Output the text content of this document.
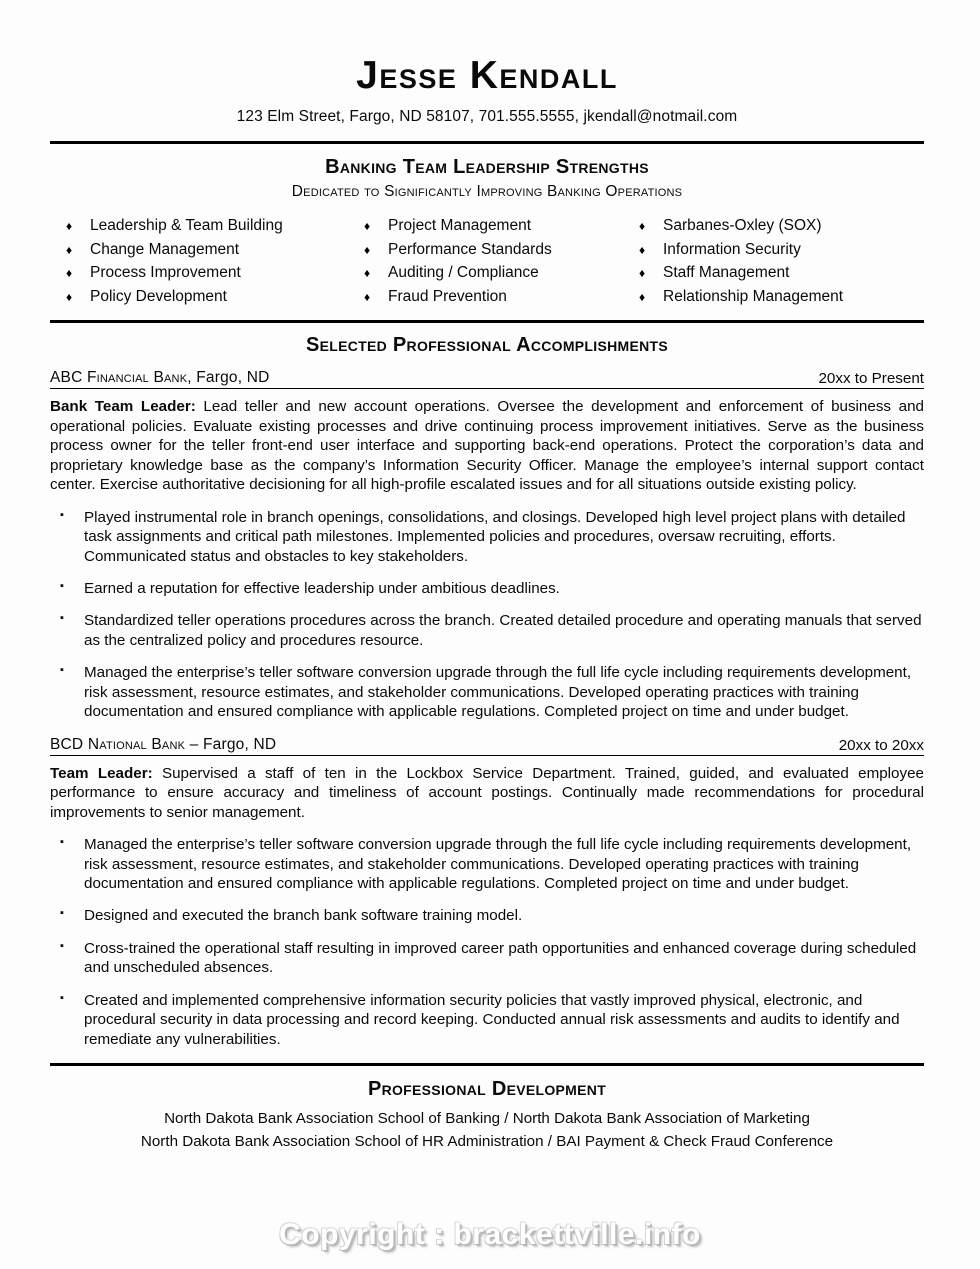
Jesse Kendall
123 Elm Street, Fargo, ND 58107, 701.555.5555, jkendall@notmail.com
Banking Team Leadership Strengths
Dedicated to Significantly Improving Banking Operations
♦	Leadership & Team Building
♦	Change Management
♦	Process Improvement
♦	Policy Development
♦	Project Management
♦	Performance Standards
♦	Auditing / Compliance
♦	Fraud Prevention
♦	Sarbanes-Oxley (SOX)
♦	Information Security
♦	Staff Management
♦	Relationship Management
Selected Professional Accomplishments
ABC Financial Bank, Fargo, ND	20xx to Present
Bank Team Leader: Lead teller and new account operations. Oversee the development and enforcement of business and operational policies. Evaluate existing processes and drive continuing process improvement initiatives. Serve as the business process owner for the teller front-end user interface and supporting back-end operations. Protect the corporation’s data and proprietary knowledge base as the company’s Information Security Officer. Manage the employee’s internal support contact center. Exercise authoritative decisioning for all high-profile escalated issues and for all situations outside existing policy.
▪	Played instrumental role in branch openings, consolidations, and closings. Developed high level project plans with detailed task assignments and critical path milestones. Implemented policies and procedures, oversaw recruiting, efforts. Communicated status and obstacles to key stakeholders.
▪	Earned a reputation for effective leadership under ambitious deadlines.
▪	Standardized teller operations procedures across the branch. Created detailed procedure and operating manuals that served as the centralized policy and procedures resource.
▪	Managed the enterprise’s teller software conversion upgrade through the full life cycle including requirements development, risk assessment, resource estimates, and stakeholder communications. Developed operating practices with training documentation and ensured compliance with applicable regulations. Completed project on time and under budget.
BCD National Bank – Fargo, ND	20xx to 20xx
Team Leader: Supervised a staff of ten in the Lockbox Service Department. Trained, guided, and evaluated employee performance to ensure accuracy and timeliness of account postings. Continually made recommendations for procedural improvements to senior management.
▪	Managed the enterprise’s teller software conversion upgrade through the full life cycle including requirements development, risk assessment, resource estimates, and stakeholder communications. Developed operating practices with training documentation and ensured compliance with applicable regulations. Completed project on time and under budget.
▪	Designed and executed the branch bank software training model.
▪	Cross-trained the operational staff resulting in improved career path opportunities and enhanced coverage during scheduled and unscheduled absences.
▪	Created and implemented comprehensive information security policies that vastly improved physical, electronic, and procedural security in data processing and record keeping. Conducted annual risk assessments and audits to identify and remediate any vulnerabilities.
Professional Development
North Dakota Bank Association School of Banking / North Dakota Bank Association of Marketing
North Dakota Bank Association School of HR Administration / BAI Payment & Check Fraud Conference
Copyright : brackettville.info
